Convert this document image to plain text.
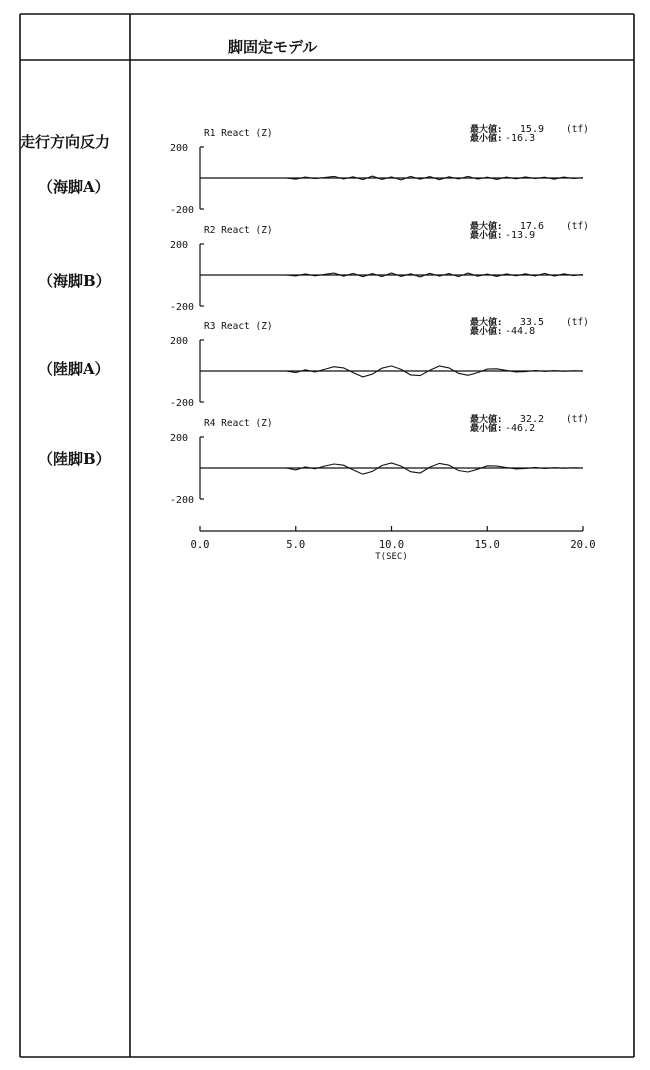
200
-200
R1 React (Z)	最大値: 15.9 (tf)
最小値: -16.3
200
-200
R2 React (Z)	最大値: 17.6 (tf)
最小値: -13.9
200
-200
R3 React (Z)	最大値: 33.5 (tf)
最小値: -44.8
200
-200
R4 React (Z)	最大値: 32.2 (tf)
最小値: -46.2
0.0	5.0	10.0	15.0	20.0
T(SEC)
脚固定モデル
走行方向反力
（海脚A）
（海脚B）
（陸脚A）
（陸脚B）
